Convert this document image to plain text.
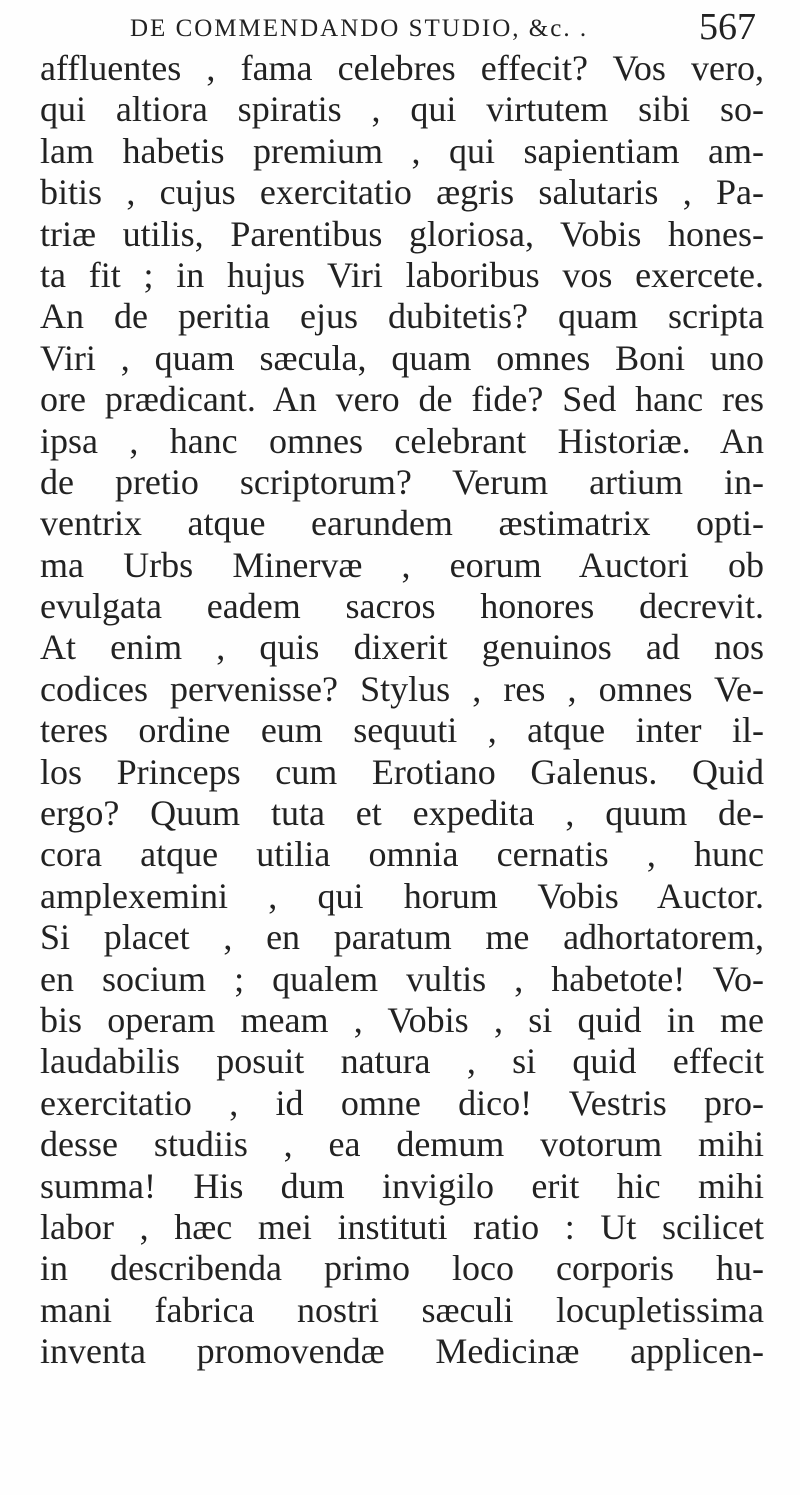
DE COMMENDANDO STUDIO, &c. .	567
affluentes , fama celebres effecit? Vos vero,
qui altiora spiratis , qui virtutem sibi so-
lam habetis premium , qui sapientiam am-
bitis , cujus exercitatio ægris salutaris , Pa-
triæ utilis, Parentibus gloriosa, Vobis hones-
ta fit ; in hujus Viri laboribus vos exercete.
An de peritia ejus dubitetis? quam scripta
Viri , quam sæcula, quam omnes Boni uno
ore prædicant. An vero de fide? Sed hanc res
ipsa , hanc omnes celebrant Historiæ. An
de pretio scriptorum? Verum artium in-
ventrix atque earundem æstimatrix opti-
ma Urbs Minervæ , eorum Auctori ob
evulgata eadem sacros honores decrevit.
At enim , quis dixerit genuinos ad nos
codices pervenisse? Stylus , res , omnes Ve-
teres ordine eum sequuti , atque inter il-
los Princeps cum Erotiano Galenus. Quid
ergo? Quum tuta et expedita , quum de-
cora atque utilia omnia cernatis , hunc
amplexemini , qui horum Vobis Auctor.
Si placet , en paratum me adhortatorem,
en socium ; qualem vultis , habetote! Vo-
bis operam meam , Vobis , si quid in me
laudabilis posuit natura , si quid effecit
exercitatio , id omne dico! Vestris pro-
desse studiis , ea demum votorum mihi
summa! His dum invigilo erit hic mihi
labor , hæc mei instituti ratio : Ut scilicet
in describenda primo loco corporis hu-
mani fabrica nostri sæculi locupletissima
inventa promovendæ Medicinæ applicen-
